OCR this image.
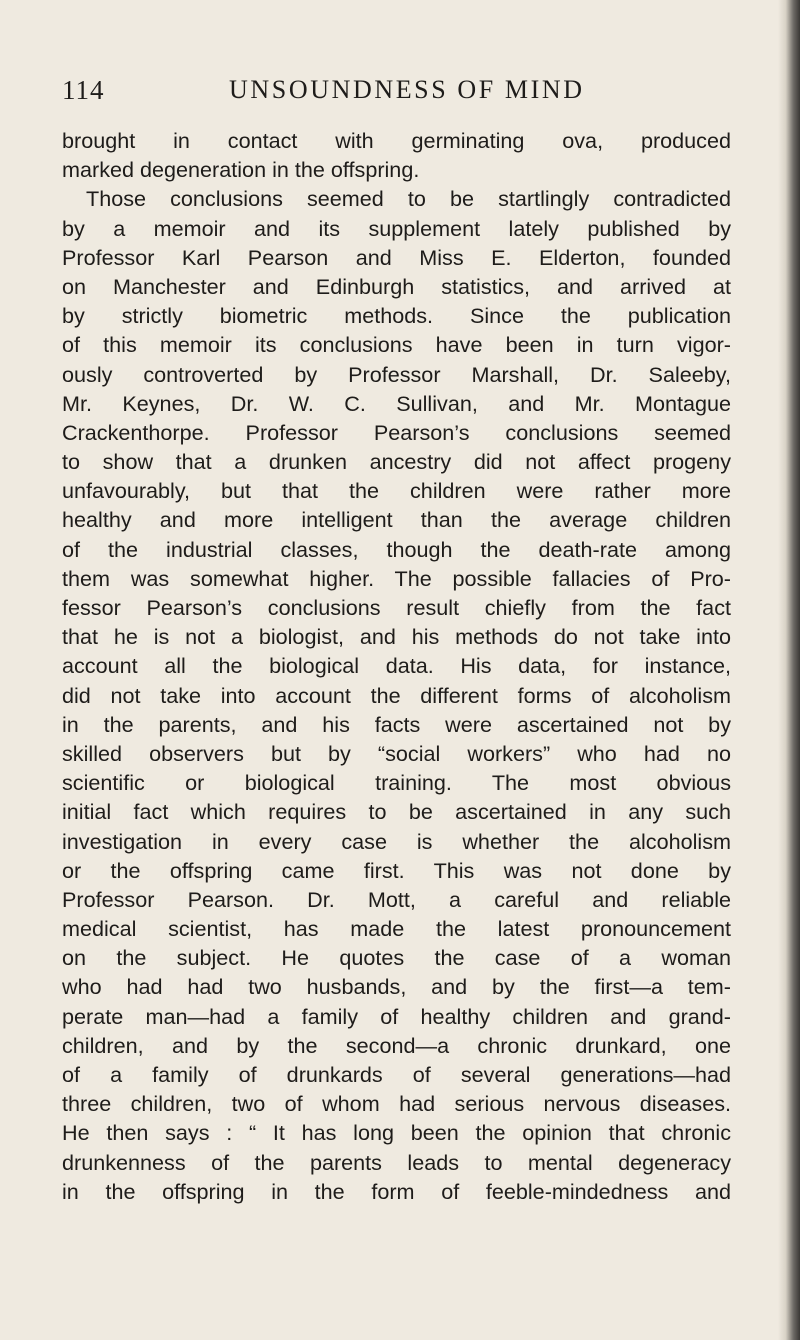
114	UNSOUNDNESS OF MIND
brought in contact with germinating ova, produced
marked degeneration in the offspring.
Those conclusions seemed to be startlingly contradicted
by a memoir and its supplement lately published by
Professor Karl Pearson and Miss E. Elderton, founded
on Manchester and Edinburgh statistics, and arrived at
by strictly biometric methods. Since the publication
of this memoir its conclusions have been in turn vigor-
ously controverted by Professor Marshall, Dr. Saleeby,
Mr. Keynes, Dr. W. C. Sullivan, and Mr. Montague
Crackenthorpe. Professor Pearson’s conclusions seemed
to show that a drunken ancestry did not affect progeny
unfavourably, but that the children were rather more
healthy and more intelligent than the average children
of the industrial classes, though the death-rate among
them was somewhat higher. The possible fallacies of Pro-
fessor Pearson’s conclusions result chiefly from the fact
that he is not a biologist, and his methods do not take into
account all the biological data. His data, for instance,
did not take into account the different forms of alcoholism
in the parents, and his facts were ascertained not by
skilled observers but by “social workers” who had no
scientific or biological training. The most obvious
initial fact which requires to be ascertained in any such
investigation in every case is whether the alcoholism
or the offspring came first. This was not done by
Professor Pearson. Dr. Mott, a careful and reliable
medical scientist, has made the latest pronouncement
on the subject. He quotes the case of a woman
who had had two husbands, and by the first—a tem-
perate man—had a family of healthy children and grand-
children, and by the second—a chronic drunkard, one
of a family of drunkards of several generations—had
three children, two of whom had serious nervous diseases.
He then says : “ It has long been the opinion that chronic
drunkenness of the parents leads to mental degeneracy
in the offspring in the form of feeble-mindedness and
